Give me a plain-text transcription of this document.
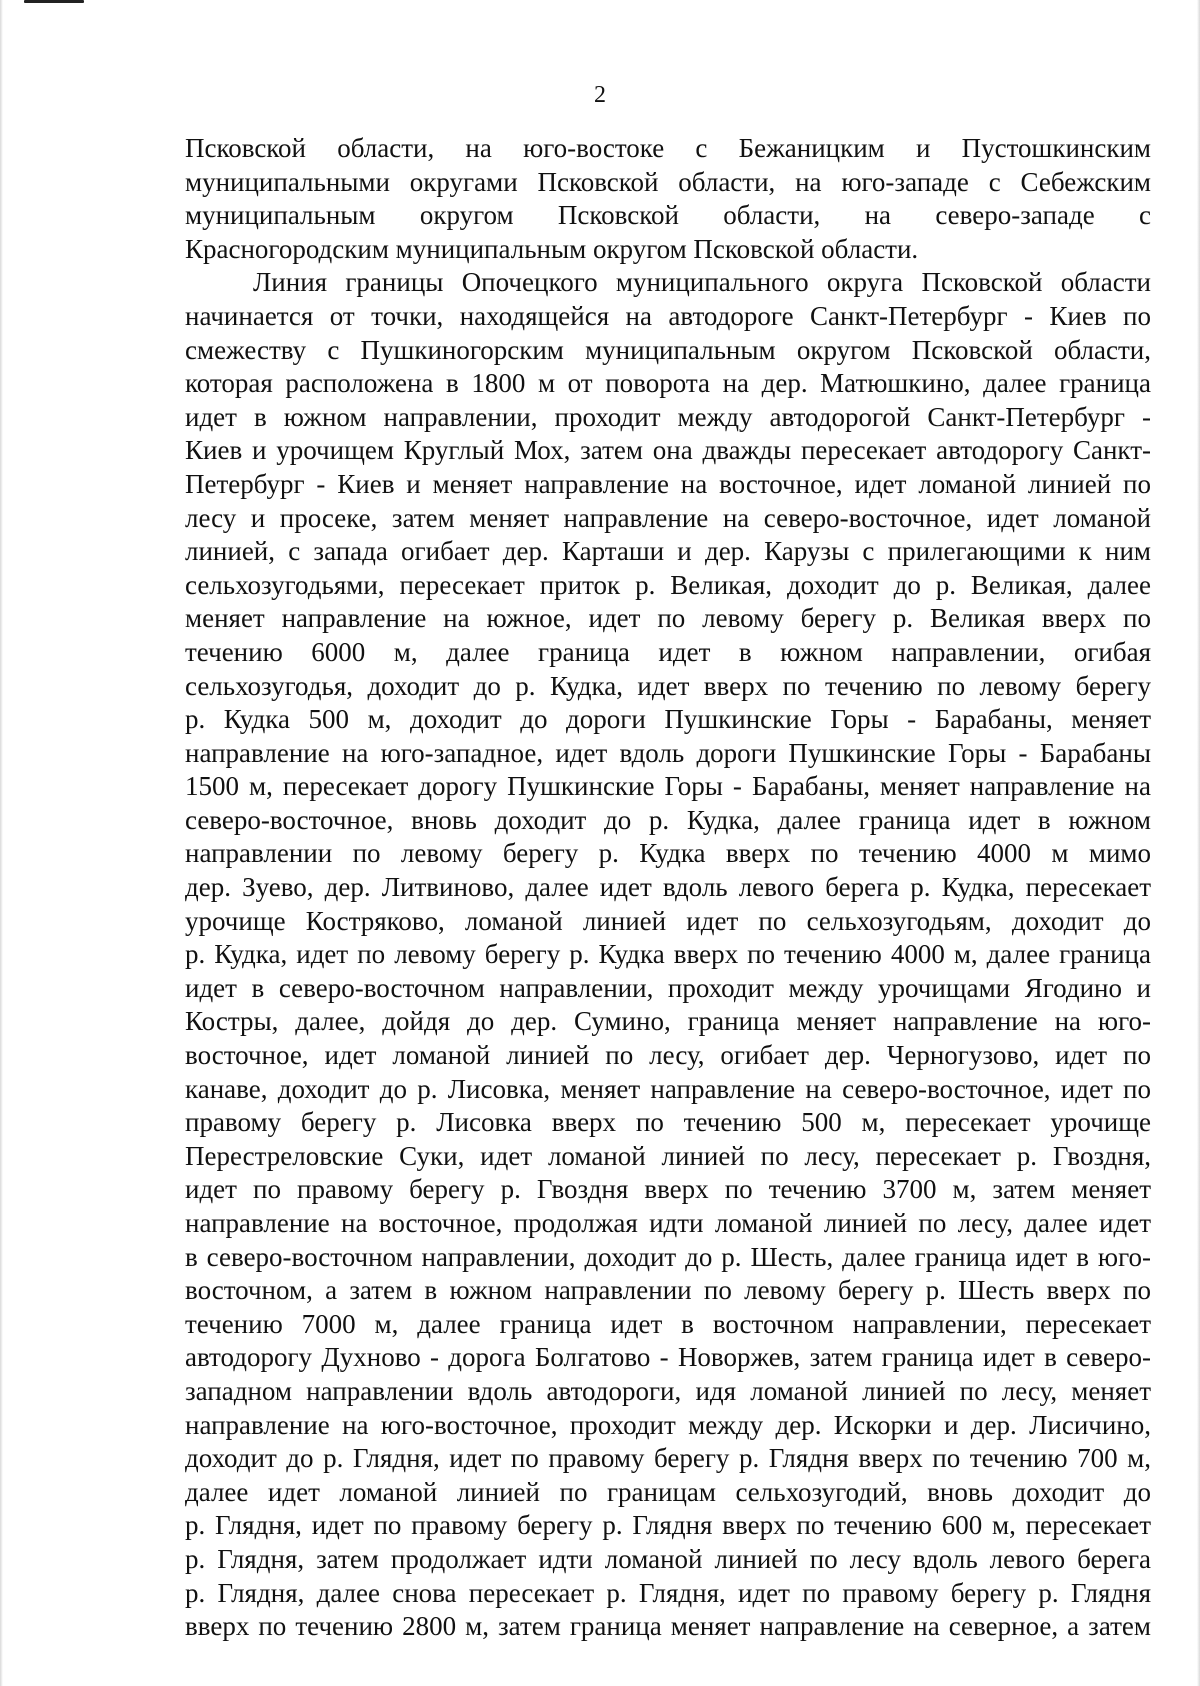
2
Псковской области, на юго-востоке с Бежаницким и Пустошкинским
муниципальными округами Псковской области, на юго-западе с Себежским
муниципальным округом Псковской области, на северо-западе с
Красногородским муниципальным округом Псковской области.
Линия границы Опочецкого муниципального округа Псковской области
начинается от точки, находящейся на автодороге Санкт-Петербург - Киев по
смежеству с Пушкиногорским муниципальным округом Псковской области,
которая расположена в 1800 м от поворота на дер. Матюшкино, далее граница
идет в южном направлении, проходит между автодорогой Санкт-Петербург -
Киев и урочищем Круглый Мох, затем она дважды пересекает автодорогу Санкт-
Петербург - Киев и меняет направление на восточное, идет ломаной линией по
лесу и просеке, затем меняет направление на северо-восточное, идет ломаной
линией, с запада огибает дер. Карташи и дер. Карузы с прилегающими к ним
сельхозугодьями, пересекает приток р. Великая, доходит до р. Великая, далее
меняет направление на южное, идет по левому берегу р. Великая вверх по
течению 6000 м, далее граница идет в южном направлении, огибая
сельхозугодья, доходит до р. Кудка, идет вверх по течению по левому берегу
р. Кудка 500 м, доходит до дороги Пушкинские Горы - Барабаны, меняет
направление на юго-западное, идет вдоль дороги Пушкинские Горы - Барабаны
1500 м, пересекает дорогу Пушкинские Горы - Барабаны, меняет направление на
северо-восточное, вновь доходит до р. Кудка, далее граница идет в южном
направлении по левому берегу р. Кудка вверх по течению 4000 м мимо
дер. Зуево, дер. Литвиново, далее идет вдоль левого берега р. Кудка, пересекает
урочище Костряково, ломаной линией идет по сельхозугодьям, доходит до
р. Кудка, идет по левому берегу р. Кудка вверх по течению 4000 м, далее граница
идет в северо-восточном направлении, проходит между урочищами Ягодино и
Костры, далее, дойдя до дер. Сумино, граница меняет направление на юго-
восточное, идет ломаной линией по лесу, огибает дер. Черногузово, идет по
канаве, доходит до р. Лисовка, меняет направление на северо-восточное, идет по
правому берегу р. Лисовка вверх по течению 500 м, пересекает урочище
Перестреловские Суки, идет ломаной линией по лесу, пересекает р. Гвоздня,
идет по правому берегу р. Гвоздня вверх по течению 3700 м, затем меняет
направление на восточное, продолжая идти ломаной линией по лесу, далее идет
в северо-восточном направлении, доходит до р. Шесть, далее граница идет в юго-
восточном, а затем в южном направлении по левому берегу р. Шесть вверх по
течению 7000 м, далее граница идет в восточном направлении, пересекает
автодорогу Духново - дорога Болгатово - Новоржев, затем граница идет в северо-
западном направлении вдоль автодороги, идя ломаной линией по лесу, меняет
направление на юго-восточное, проходит между дер. Искорки и дер. Лисичино,
доходит до р. Глядня, идет по правому берегу р. Глядня вверх по течению 700 м,
далее идет ломаной линией по границам сельхозугодий, вновь доходит до
р. Глядня, идет по правому берегу р. Глядня вверх по течению 600 м, пересекает
р. Глядня, затем продолжает идти ломаной линией по лесу вдоль левого берега
р. Глядня, далее снова пересекает р. Глядня, идет по правому берегу р. Глядня
вверх по течению 2800 м, затем граница меняет направление на северное, а затем
